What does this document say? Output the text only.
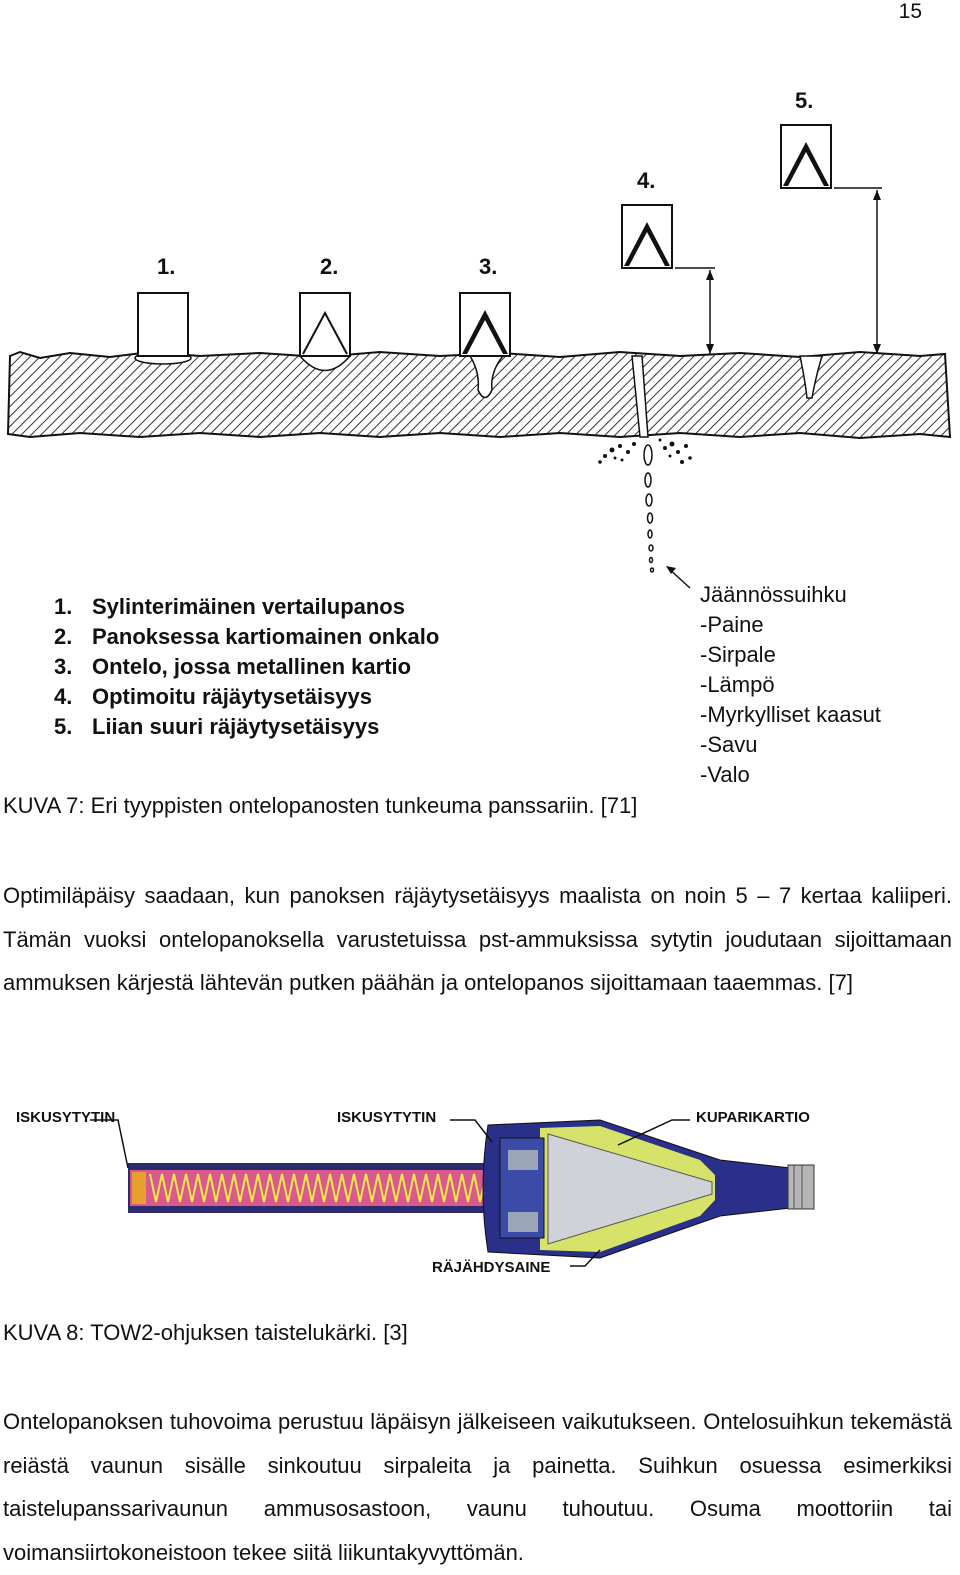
15
1.	2.	3.
4.
5.
1. Sylinterimäinen vertailupanos
2. Panoksessa kartiomainen onkalo
3. Ontelo, jossa metallinen kartio
4. Optimoitu räjäytysetäisyys
5. Liian suuri räjäytysetäisyys
Jäännössuihku
-Paine
-Sirpale
-Lämpö
-Myrkylliset kaasut
-Savu
-Valo
KUVA 7: Eri tyyppisten ontelopanosten tunkeuma panssariin. [71]

Optimiläpäisy saadaan, kun panoksen räjäytysetäisyys maalista on noin 5 – 7 kertaa kaliiperi. Tämän vuoksi ontelopanoksella varustetuissa pst-ammuksissa sytytin joudutaan sijoittamaan ammuksen kärjestä lähtevän putken päähän ja ontelopanos sijoittamaan taaemmas. [7]

ISKUSYTYTIN	ISKUSYTYTIN	KUPARIKARTIO
RÄJÄHDYSAINE
KUVA 8: TOW2-ohjuksen taistelukärki. [3]

Ontelopanoksen tuhovoima perustuu läpäisyn jälkeiseen vaikutukseen. Ontelosuihkun tekemästä reiästä vaunun sisälle sinkoutuu sirpaleita ja painetta. Suihkun osuessa esimerkiksi taistelupanssarivaunun ammusosastoon, vaunu tuhoutuu. Osuma moottoriin tai voimansiirtokoneistoon tekee siitä liikuntakyvyttömän.
